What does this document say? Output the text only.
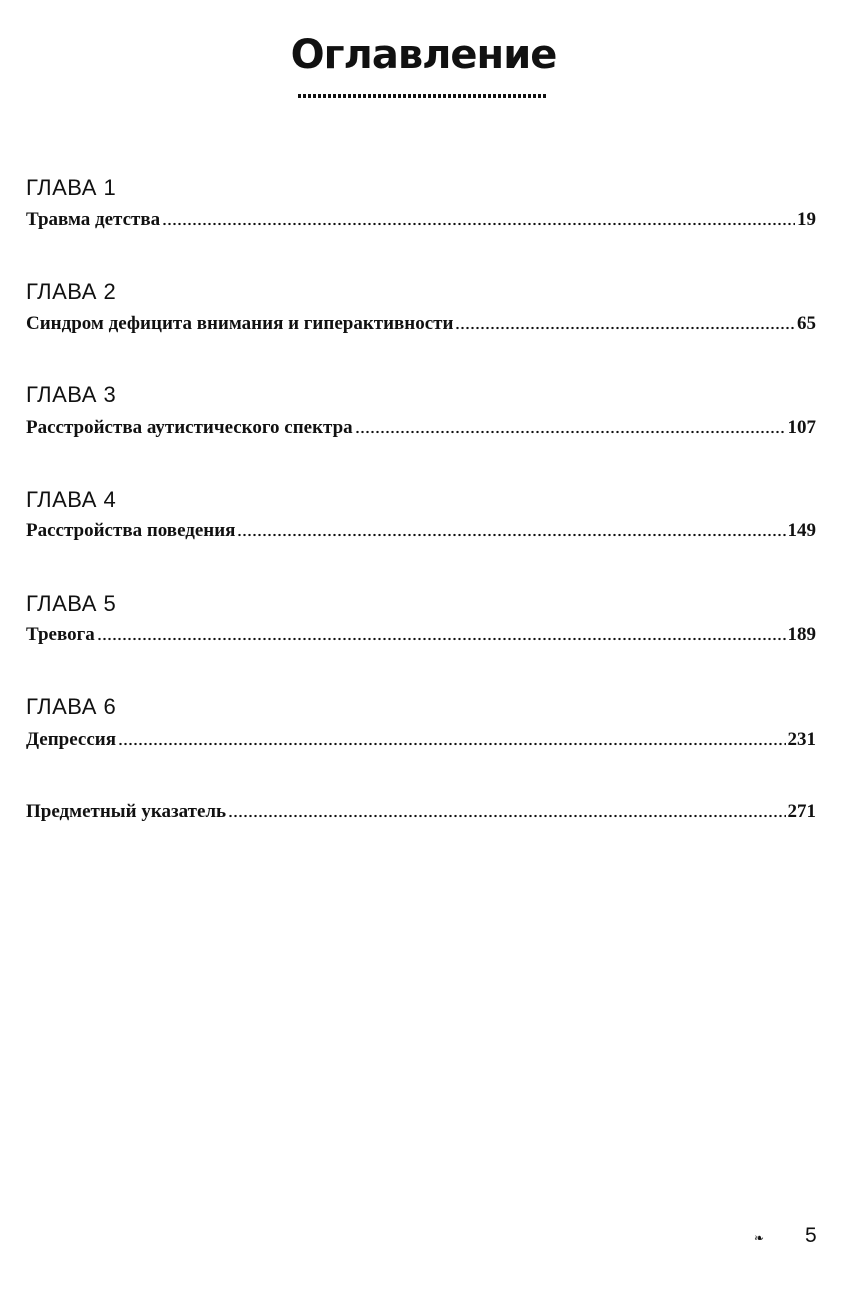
Оглавление
ГЛАВА 1
Травма детства	19
ГЛАВА 2
Синдром дефицита внимания и гиперактивности	65
ГЛАВА 3
Расстройства аутистического спектра	107
ГЛАВА 4
Расстройства поведения	149
ГЛАВА 5
Тревога	189
ГЛАВА 6
Депрессия	231
Предметный указатель	271
❧ 5
